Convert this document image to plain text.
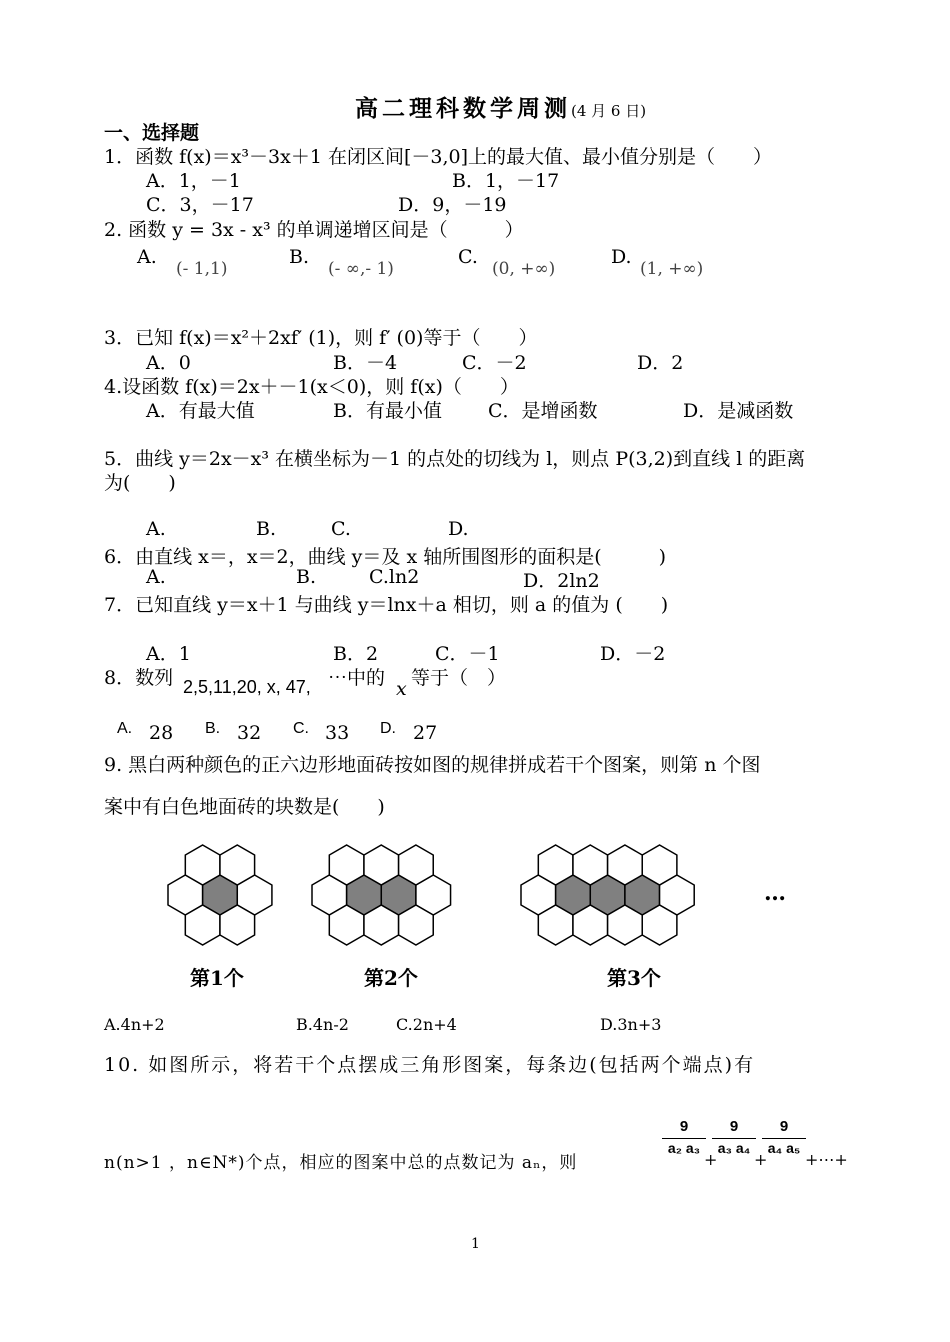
高二理科数学周测(4 月 6 日)
一、选择题
1．函数 f(x)＝x³－3x＋1 在闭区间[－3,0]上的最大值、最小值分别是（　　）
A．1，－1	B．1，－17
C．3，－17	D．9，－19
2. 函数 y = 3x - x³ 的单调递增区间是（　　　）
A.
(- 1,1)
B.
(- ∞,- 1)
C.
(0, +∞)
D.
(1, +∞)
3．已知 f(x)＝x²＋2xf′ (1)，则 f′ (0)等于（　　）
A．0	B．－4	C．－2	D．2
4.设函数 f(x)＝2x＋－1(x＜0)，则 f(x)（　　）
A．有最大值	B．有最小值 C．是增函数	D．是减函数
5．曲线 y＝2x－x³ 在横坐标为－1 的点处的切线为 l，则点 P(3,2)到直线 l 的距离
为(　　)
A.	B.	C.	D.
6．由直线 x＝，x＝2，曲线 y＝及 x 轴所围图形的面积是(　　　)
A.	B.	C.ln2	D．2ln2
7．已知直线 y＝x＋1 与曲线 y＝lnx＋a 相切，则 a 的值为 (　　)
A．1	B．2	C．－1	D．－2
8．数列 2,5,11,20, x, 47, ⋯中的 x 等于（　）
A. 28 B. 32 C. 33 D. 27
9. 黑白两种颜色的正六边形地面砖按如图的规律拼成若干个图案，则第 n 个图
案中有白色地面砖的块数是(　　)
第1个	第2个	第3个
…
A.4n+2	B.4n-2	C.2n+4	D.3n+3
10. 如图所示，将若干个点摆成三角形图案，每条边(包括两个端点)有
n(n>1 ，n∈N*)个点，相应的图案中总的点数记为 aₙ，则
9
a₂ a₃
+
9
a₃ a₄
+
9
a₄ a₅
+⋯+
1
